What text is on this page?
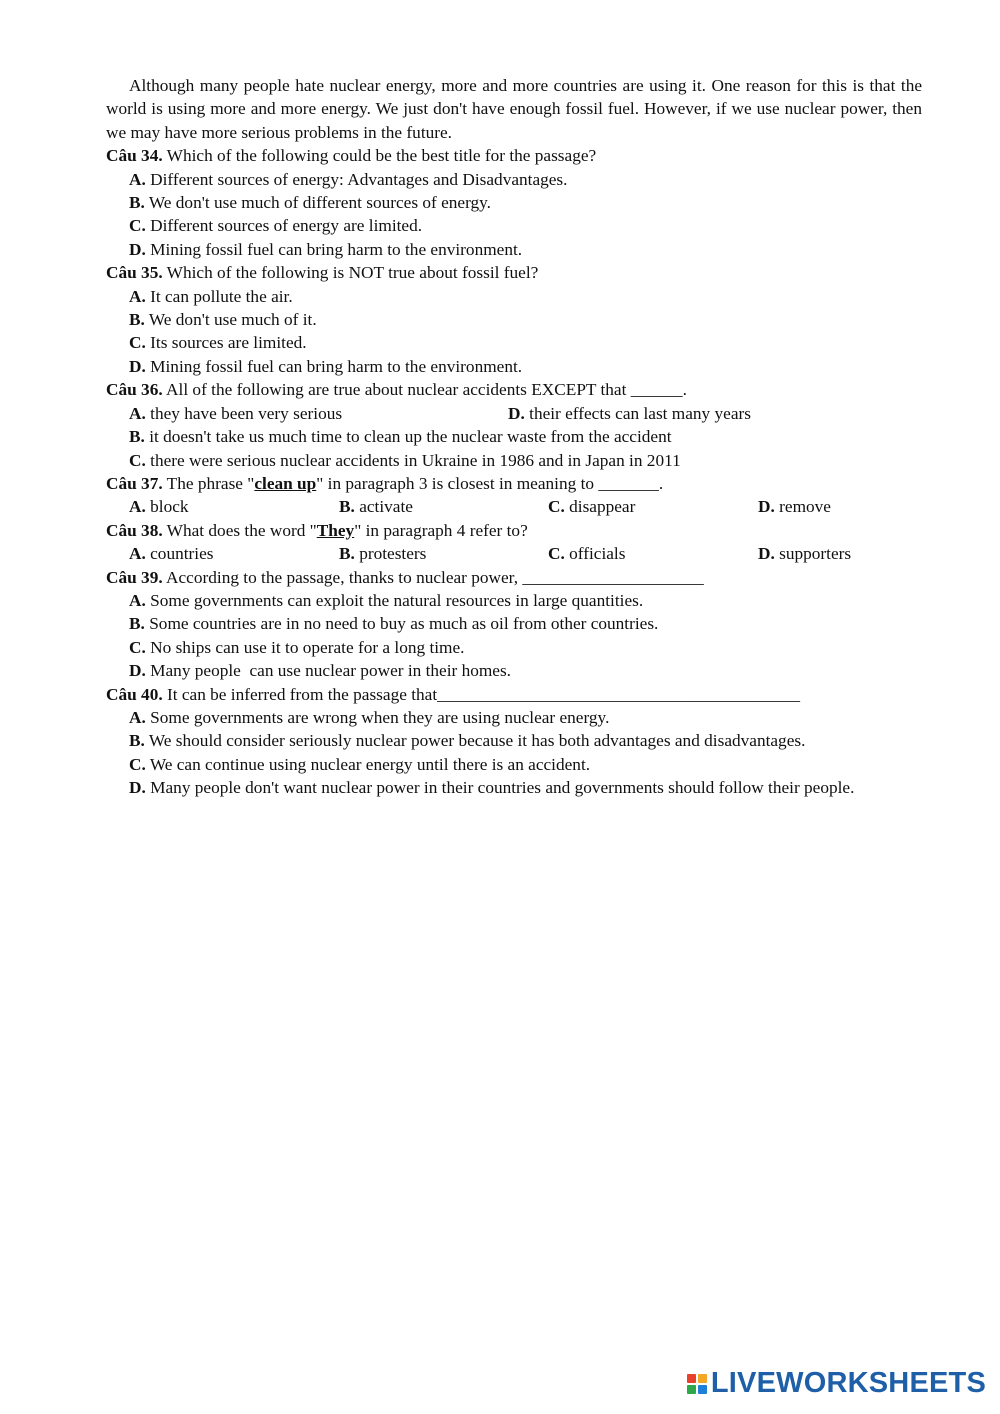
Although many people hate nuclear energy, more and more countries are using it. One reason for this is that the world is using more and more energy. We just don't have enough fossil fuel. However, if we use nuclear power, then we may have more serious problems in the future.

Câu 34. Which of the following could be the best title for the passage?

A. Different sources of energy: Advantages and Disadvantages.

B. We don't use much of different sources of energy.

C. Different sources of energy are limited.

D. Mining fossil fuel can bring harm to the environment.

Câu 35. Which of the following is NOT true about fossil fuel?

A. It can pollute the air.

B. We don't use much of it.

C. Its sources are limited.

D. Mining fossil fuel can bring harm to the environment.

Câu 36. All of the following are true about nuclear accidents EXCEPT that ______.

A. they have been very serious	D. their effects can last many years

B. it doesn't take us much time to clean up the nuclear waste from the accident

C. there were serious nuclear accidents in Ukraine in 1986 and in Japan in 2011

Câu 37. The phrase "clean up" in paragraph 3 is closest in meaning to _______.

A. block	B. activate	C. disappear	D. remove

Câu 38. What does the word "They" in paragraph 4 refer to?

A. countries	B. protesters	C. officials	D. supporters

Câu 39. According to the passage, thanks to nuclear power, _____________________

A. Some governments can exploit the natural resources in large quantities.

B. Some countries are in no need to buy as much as oil from other countries.

C. No ships can use it to operate for a long time.

D. Many people  can use nuclear power in their homes.

Câu 40. It can be inferred from the passage that__________________________________________

A. Some governments are wrong when they are using nuclear energy.

B. We should consider seriously nuclear power because it has both advantages and disadvantages.

C. We can continue using nuclear energy until there is an accident.

D. Many people don't want nuclear power in their countries and governments should follow their people.

LIVEWORKSHEETS
